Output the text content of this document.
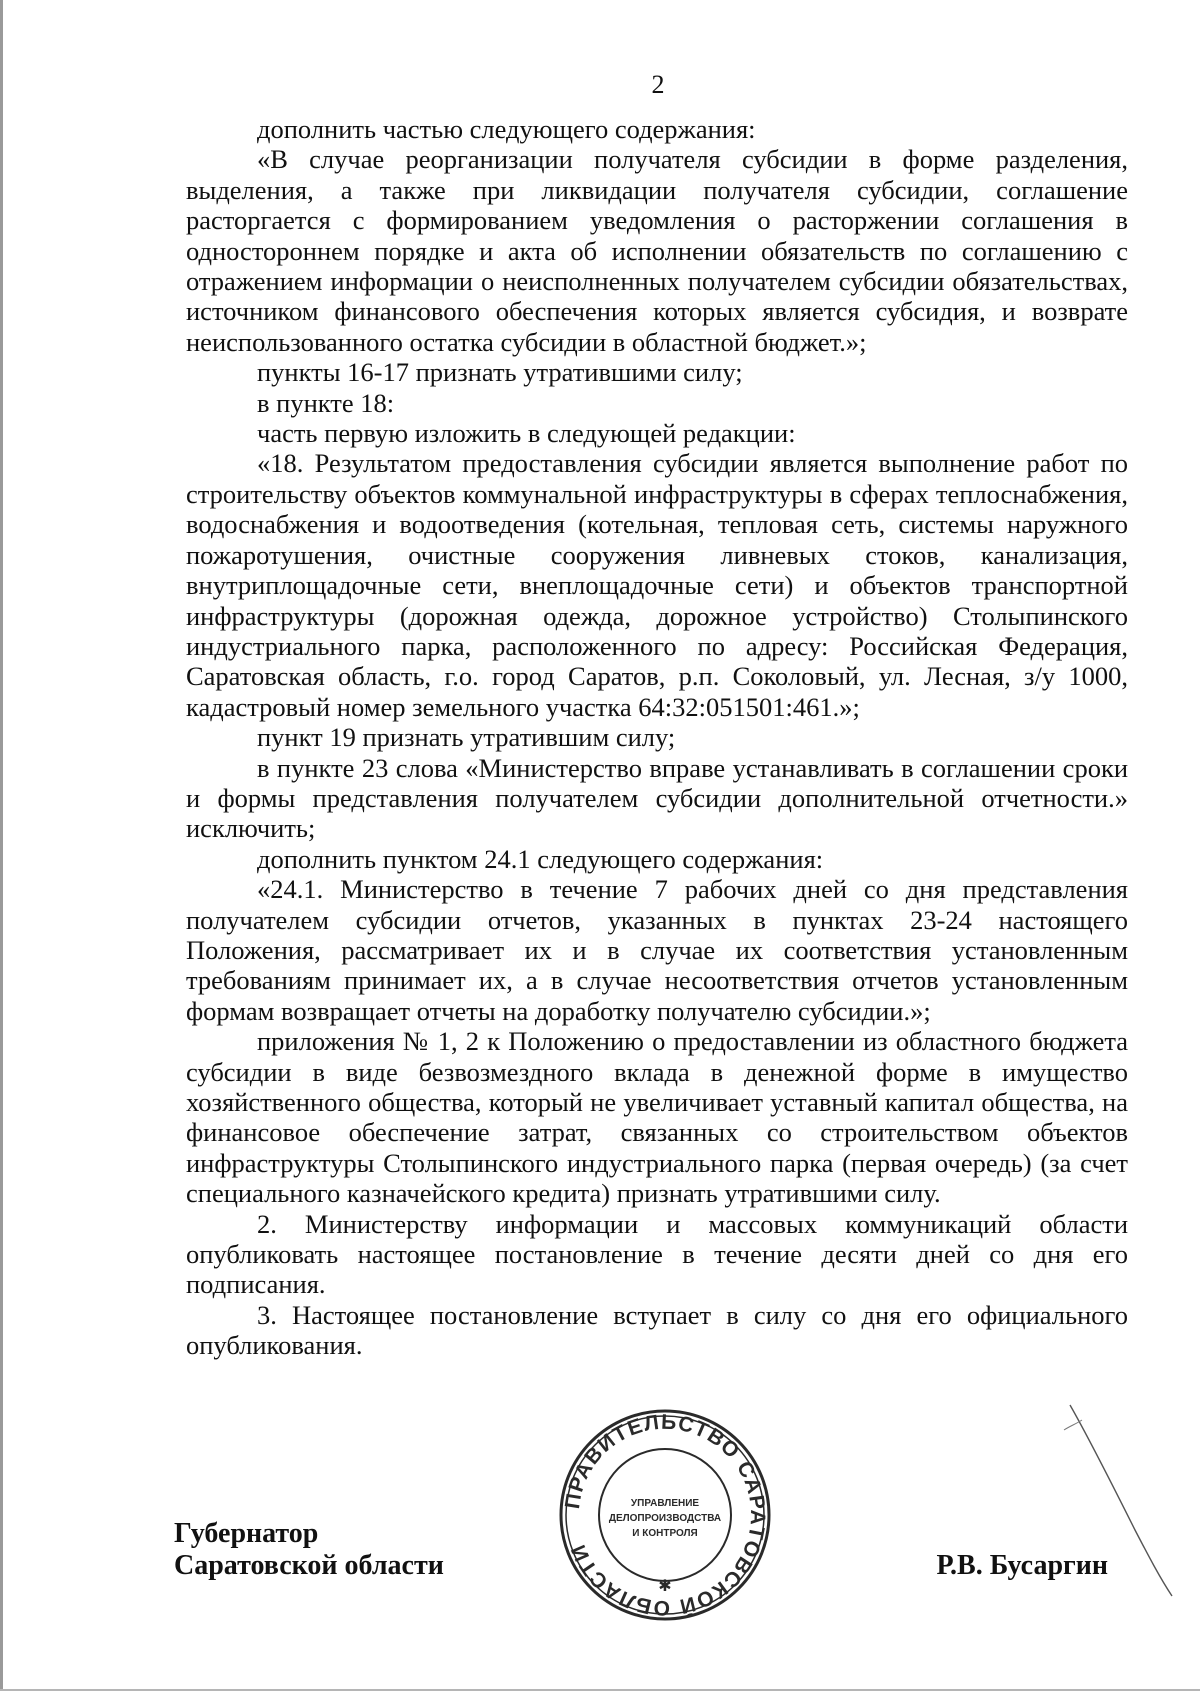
2

дополнить частью следующего содержания:

«В случае реорганизации получателя субсидии в форме разделения, выделения, а также при ликвидации получателя субсидии, соглашение расторгается с формированием уведомления о расторжении соглашения в одностороннем порядке и акта об исполнении обязательств по соглашению с отражением информации о неисполненных получателем субсидии обязательствах, источником финансового обеспечения которых является субсидия, и возврате неиспользованного остатка субсидии в областной бюджет.»;

пункты 16-17 признать утратившими силу;

в пункте 18:

часть первую изложить в следующей редакции:

«18. Результатом предоставления субсидии является выполнение работ по строительству объектов коммунальной инфраструктуры в сферах теплоснабжения, водоснабжения и водоотведения (котельная, тепловая сеть, системы наружного пожаротушения, очистные сооружения ливневых стоков, канализация, внутриплощадочные сети, внеплощадочные сети) и объектов транспортной инфраструктуры (дорожная одежда, дорожное устройство) Столыпинского индустриального парка, расположенного по адресу: Российская Федерация, Саратовская область, г.о. город Саратов, р.п. Соколовый, ул. Лесная, з/у 1000, кадастровый номер земельного участка 64:32:051501:461.»;

пункт 19 признать утратившим силу;

в пункте 23 слова «Министерство вправе устанавливать в соглашении сроки и формы представления получателем субсидии дополнительной отчетности.» исключить;

дополнить пунктом 24.1 следующего содержания:

«24.1. Министерство в течение 7 рабочих дней со дня представления получателем субсидии отчетов, указанных в пунктах 23-24 настоящего Положения, рассматривает их и в случае их соответствия установленным требованиям принимает их, а в случае несоответствия отчетов установленным формам возвращает отчеты на доработку получателю субсидии.»;

приложения № 1, 2 к Положению о предоставлении из областного бюджета субсидии в виде безвозмездного вклада в денежной форме в имущество хозяйственного общества, который не увеличивает уставный капитал общества, на финансовое обеспечение затрат, связанных со строительством объектов инфраструктуры Столыпинского индустриального парка (первая очередь) (за счет специального казначейского кредита) признать утратившими силу.

2. Министерству информации и массовых коммуникаций области опубликовать настоящее постановление в течение десяти дней со дня его подписания.

3. Настоящее постановление вступает в силу со дня его официального опубликования.

Губернатор
Саратовской области
ПРАВИТЕЛЬСТВО САРАТОВСКОЙ ОБЛАСТИ
✱
УПРАВЛЕНИЕ
ДЕЛОПРОИЗВОДСТВА
И КОНТРОЛЯ
Р.В. Бусаргин
